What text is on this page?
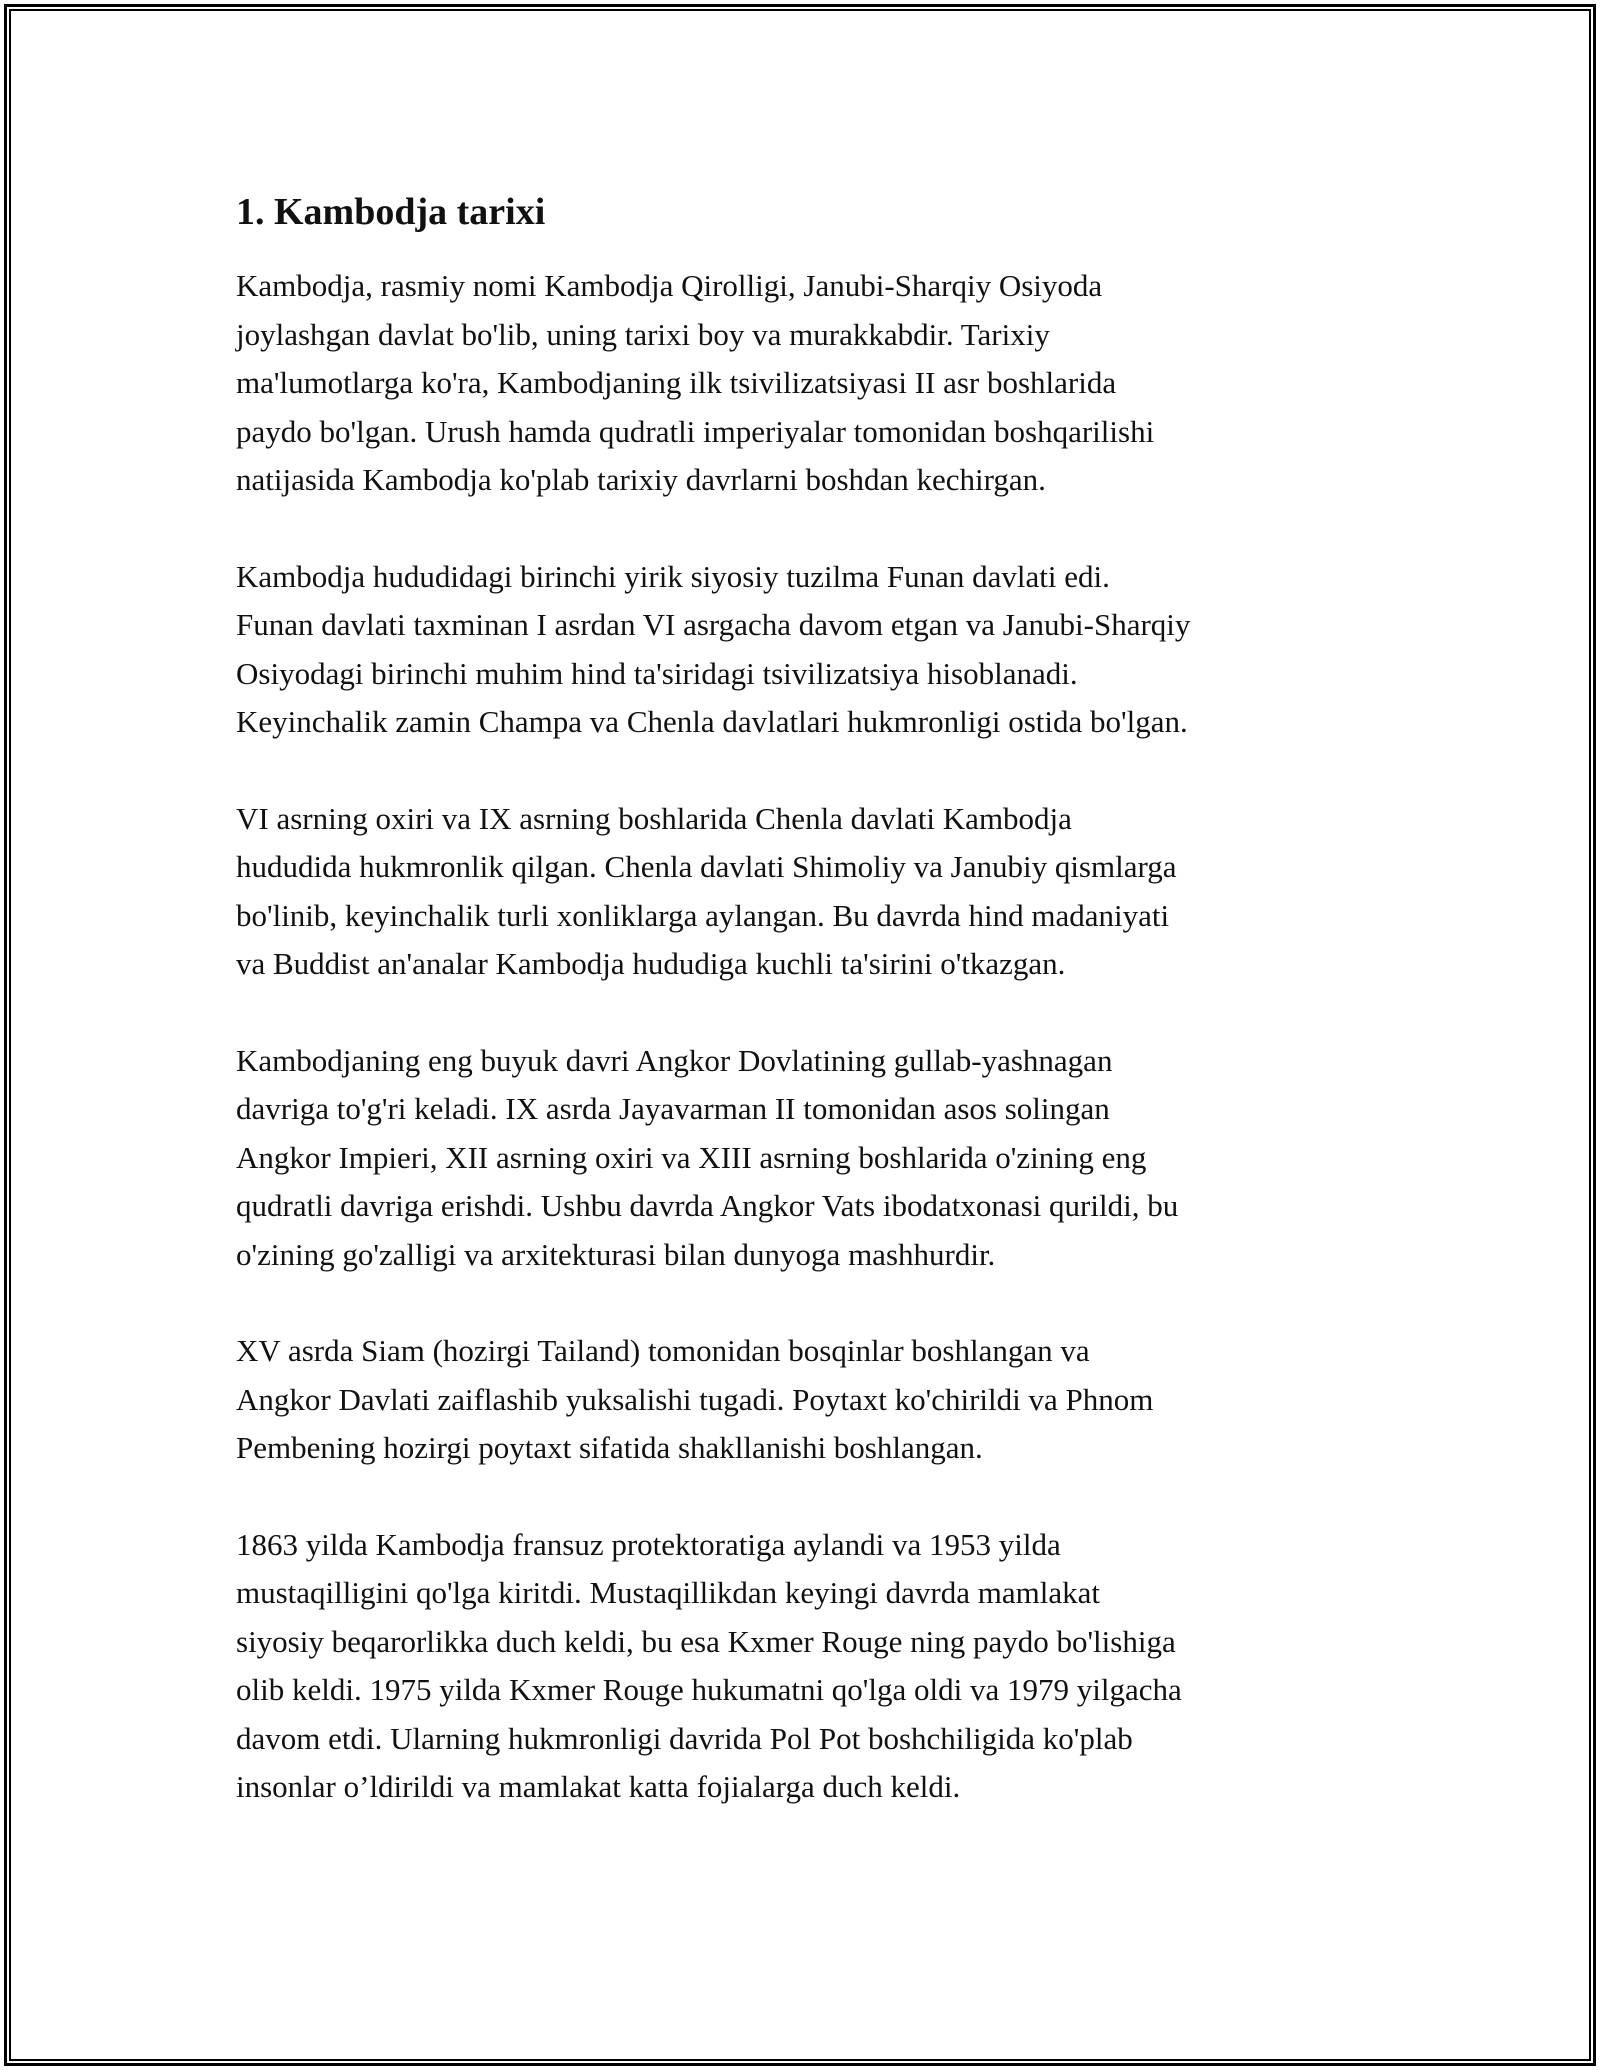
1. Kambodja tarixi

Kambodja, rasmiy nomi Kambodja Qirolligi, Janubi-Sharqiy Osiyoda
joylashgan davlat bo'lib, uning tarixi boy va murakkabdir. Tarixiy
ma'lumotlarga ko'ra, Kambodjaning ilk tsivilizatsiyasi II asr boshlarida
paydo bo'lgan. Urush hamda qudratli imperiyalar tomonidan boshqarilishi
natijasida Kambodja ko'plab tarixiy davrlarni boshdan kechirgan.

Kambodja hududidagi birinchi yirik siyosiy tuzilma Funan davlati edi.
Funan davlati taxminan I asrdan VI asrgacha davom etgan va Janubi-Sharqiy
Osiyodagi birinchi muhim hind ta'siridagi tsivilizatsiya hisoblanadi.
Keyinchalik zamin Champa va Chenla davlatlari hukmronligi ostida bo'lgan.

VI asrning oxiri va IX asrning boshlarida Chenla davlati Kambodja
hududida hukmronlik qilgan. Chenla davlati Shimoliy va Janubiy qismlarga
bo'linib, keyinchalik turli xonliklarga aylangan. Bu davrda hind madaniyati
va Buddist an'analar Kambodja hududiga kuchli ta'sirini o'tkazgan.

Kambodjaning eng buyuk davri Angkor Dovlatining gullab-yashnagan
davriga to'g'ri keladi. IX asrda Jayavarman II tomonidan asos solingan
Angkor Impieri, XII asrning oxiri va XIII asrning boshlarida o'zining eng
qudratli davriga erishdi. Ushbu davrda Angkor Vats ibodatxonasi qurildi, bu
o'zining go'zalligi va arxitekturasi bilan dunyoga mashhurdir.

XV asrda Siam (hozirgi Tailand) tomonidan bosqinlar boshlangan va
Angkor Davlati zaiflashib yuksalishi tugadi. Poytaxt ko'chirildi va Phnom
Pembening hozirgi poytaxt sifatida shakllanishi boshlangan.

1863 yilda Kambodja fransuz protektoratiga aylandi va 1953 yilda
mustaqilligini qo'lga kiritdi. Mustaqillikdan keyingi davrda mamlakat
siyosiy beqarorlikka duch keldi, bu esa Kxmer Rouge ning paydo bo'lishiga
olib keldi. 1975 yilda Kxmer Rouge hukumatni qo'lga oldi va 1979 yilgacha
davom etdi. Ularning hukmronligi davrida Pol Pot boshchiligida ko'plab
insonlar o’ldirildi va mamlakat katta fojialarga duch keldi.
